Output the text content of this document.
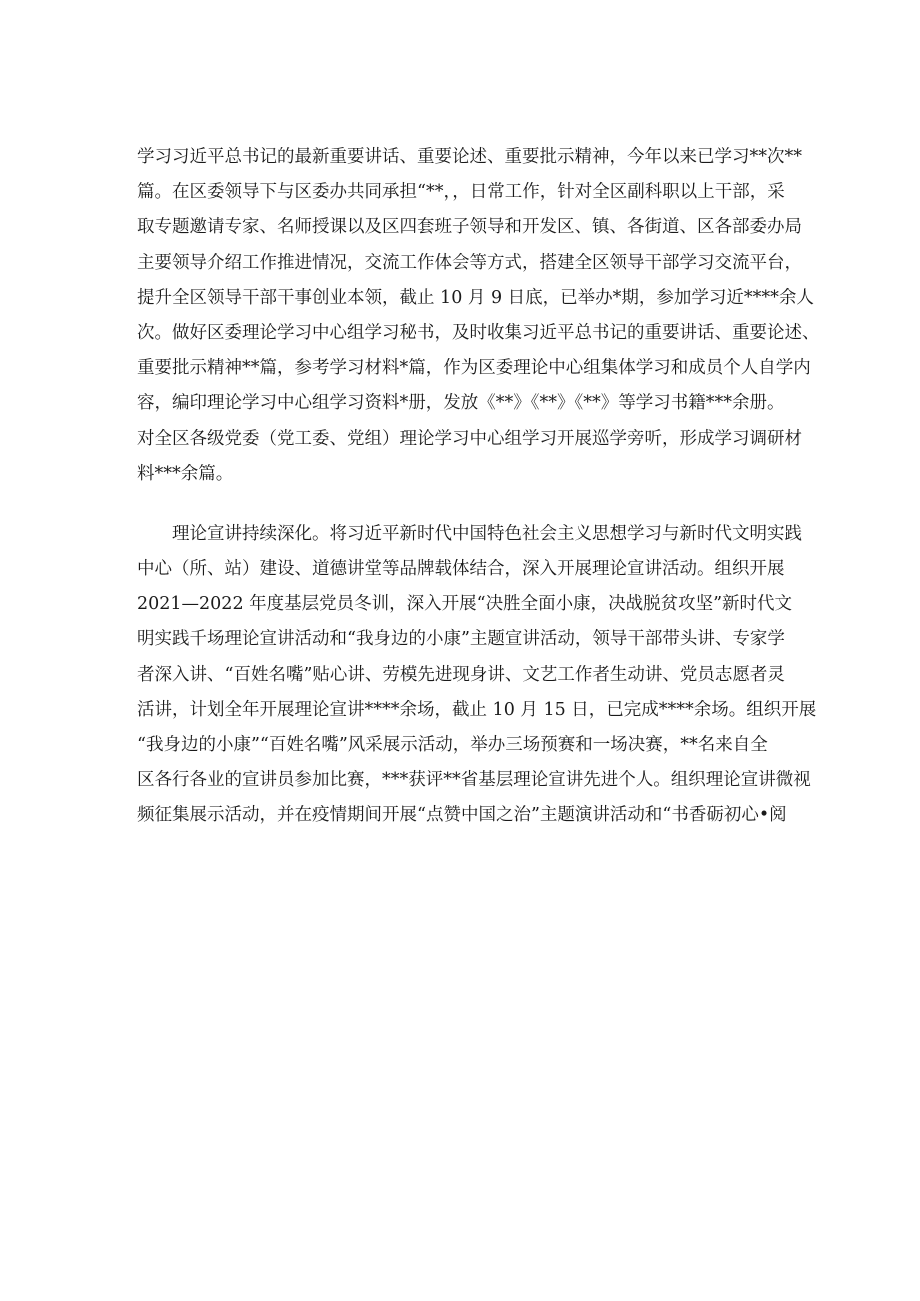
学习习近平总书记的最新重要讲话、重要论述、重要批示精神，今年以来已学习**次**
篇。在区委领导下与区委办共同承担“**，，日常工作，针对全区副科职以上干部，采
取专题邀请专家、名师授课以及区四套班子领导和开发区、镇、各街道、区各部委办局
主要领导介绍工作推进情况，交流工作体会等方式，搭建全区领导干部学习交流平台，
提升全区领导干部干事创业本领，截止 10 月 9 日底，已举办*期，参加学习近****余人
次。做好区委理论学习中心组学习秘书，及时收集习近平总书记的重要讲话、重要论述、
重要批示精神**篇，参考学习材料*篇，作为区委理论中心组集体学习和成员个人自学内
容，编印理论学习中心组学习资料*册，发放《**》《**》《**》等学习书籍***余册。
对全区各级党委（党工委、党组）理论学习中心组学习开展巡学旁听，形成学习调研材
料***余篇。
理论宣讲持续深化。将习近平新时代中国特色社会主义思想学习与新时代文明实践
中心（所、站）建设、道德讲堂等品牌载体结合，深入开展理论宣讲活动。组织开展
2021—2022 年度基层党员冬训，深入开展“决胜全面小康，决战脱贫攻坚”新时代文
明实践千场理论宣讲活动和“我身边的小康”主题宣讲活动，领导干部带头讲、专家学
者深入讲、“百姓名嘴”贴心讲、劳模先进现身讲、文艺工作者生动讲、党员志愿者灵
活讲，计划全年开展理论宣讲****余场，截止 10 月 15 日，已完成****余场。组织开展
“我身边的小康”“百姓名嘴”风采展示活动，举办三场预赛和一场决赛，**名来自全
区各行各业的宣讲员参加比赛，***获评**省基层理论宣讲先进个人。组织理论宣讲微视
频征集展示活动，并在疫情期间开展“点赞中国之治”主题演讲活动和“书香砺初心•阅
